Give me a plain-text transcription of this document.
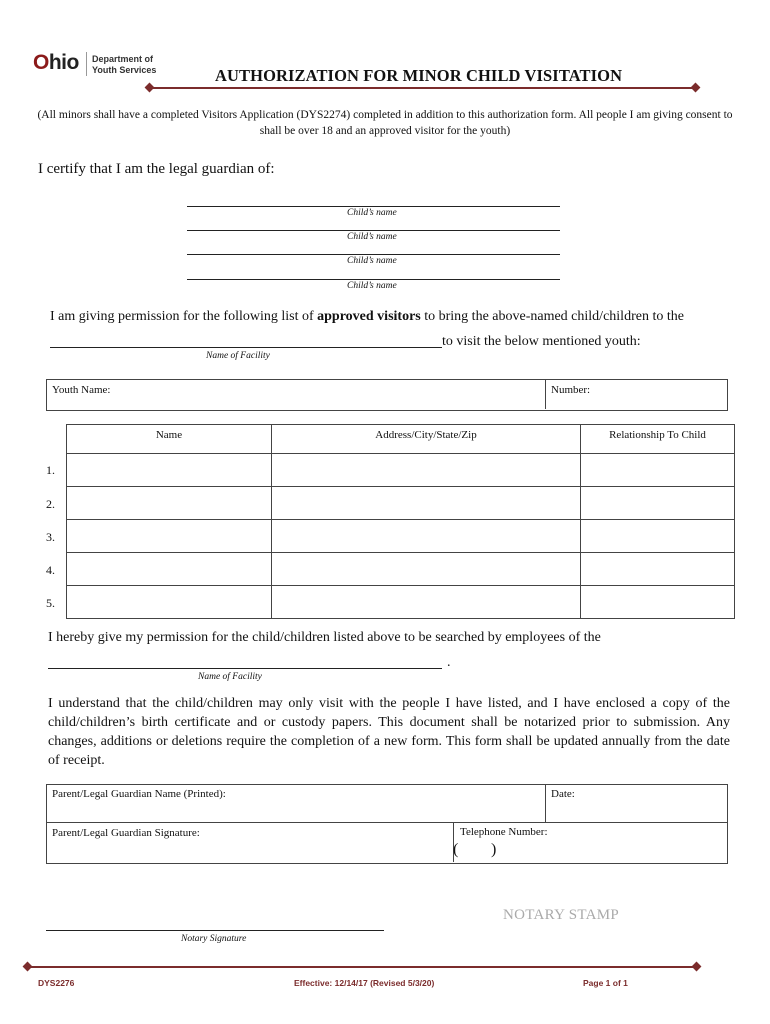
Ohio Department of
Youth Services	AUTHORIZATION FOR MINOR CHILD VISITATION
(All minors shall have a completed Visitors Application (DYS2274) completed in addition to this authorization form. All people I am giving consent to shall be over 18 and an approved visitor for the youth)
I certify that I am the legal guardian of:
Child’s name
Child’s name
Child’s name
Child’s name
I am giving permission for the following list of approved visitors to bring the above-named child/children to the
to visit the below mentioned youth:
Name of Facility
Youth Name:	Number:
Name	Address/City/State/Zip	Relationship To Child

1.
2.
3.
4.
5.
I hereby give my permission for the child/children listed above to be searched by employees of the
.
Name of Facility
I understand that the child/children may only visit with the people I have listed, and I have enclosed a copy of the child/children’s birth certificate and or custody papers. This document shall be notarized prior to submission. Any changes, additions or deletions require the completion of a new form. This form shall be updated annually from the date of receipt.
Parent/Legal Guardian Name (Printed):	Date:
Parent/Legal Guardian Signature:	Telephone Number:
( )
NOTARY STAMP
Notary Signature
DYS2276	Effective: 12/14/17 (Revised 5/3/20)	Page 1 of 1
